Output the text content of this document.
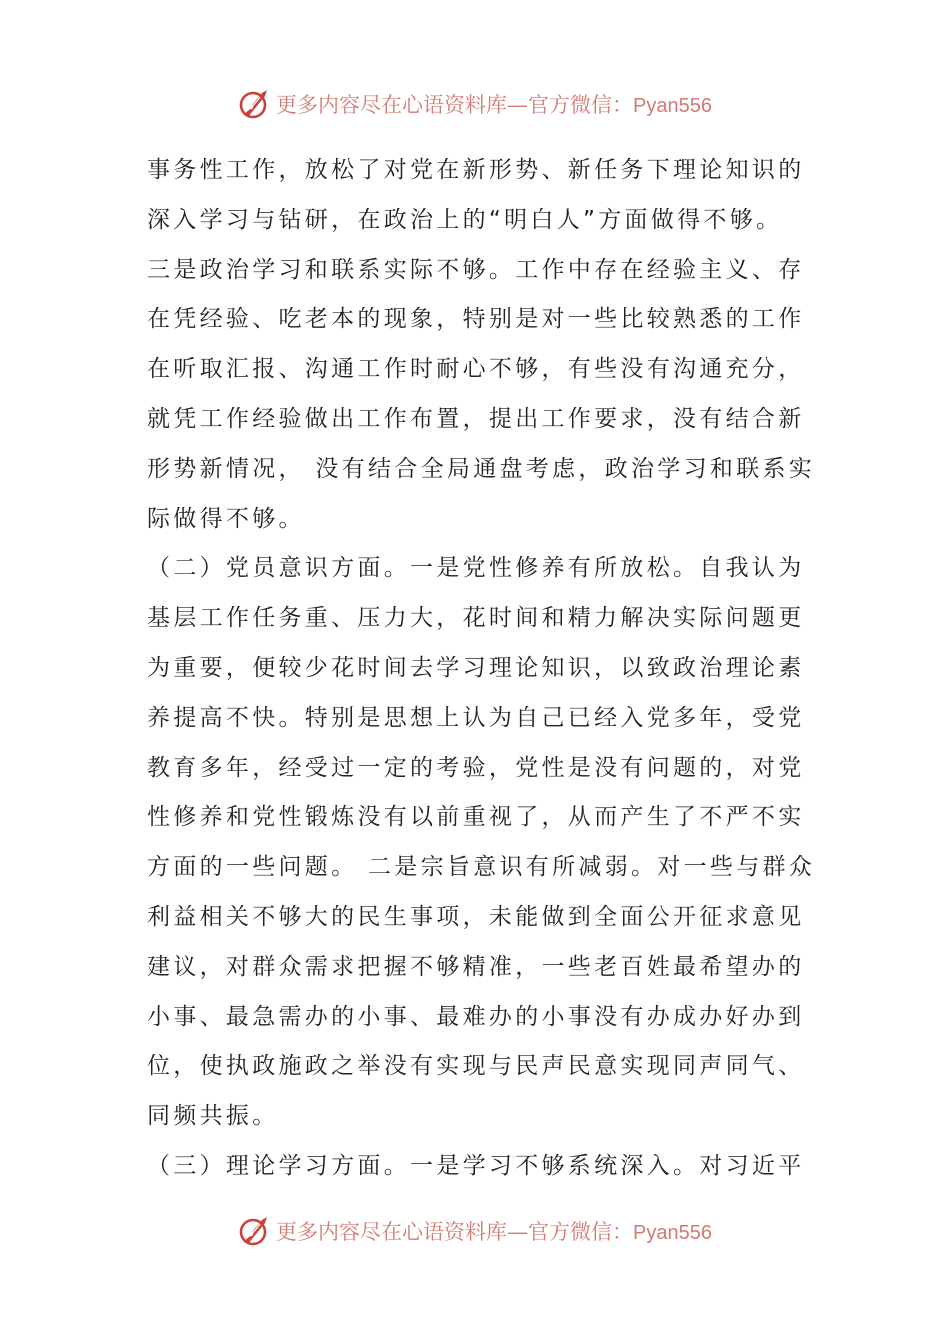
更多内容尽在心语资料库—官方微信：Pyan556
事务性工作，放松了对党在新形势、新任务下理论知识的
深入学习与钻研，在政治上的“明白人”方面做得不够。
三是政治学习和联系实际不够。工作中存在经验主义、存
在凭经验、吃老本的现象，特别是对一些比较熟悉的工作
在听取汇报、沟通工作时耐心不够，有些没有沟通充分，
就凭工作经验做出工作布置，提出工作要求，没有结合新
形势新情况， 没有结合全局通盘考虑，政治学习和联系实
际做得不够。
（二）党员意识方面。一是党性修养有所放松。自我认为
基层工作任务重、压力大，花时间和精力解决实际问题更
为重要，便较少花时间去学习理论知识，以致政治理论素
养提高不快。特别是思想上认为自己已经入党多年，受党
教育多年，经受过一定的考验，党性是没有问题的，对党
性修养和党性锻炼没有以前重视了，从而产生了不严不实
方面的一些问题。 二是宗旨意识有所减弱。对一些与群众
利益相关不够大的民生事项，未能做到全面公开征求意见
建议，对群众需求把握不够精准，一些老百姓最希望办的
小事、最急需办的小事、最难办的小事没有办成办好办到
位，使执政施政之举没有实现与民声民意实现同声同气、
同频共振。
（三）理论学习方面。一是学习不够系统深入。对习近平
更多内容尽在心语资料库—官方微信：Pyan556
